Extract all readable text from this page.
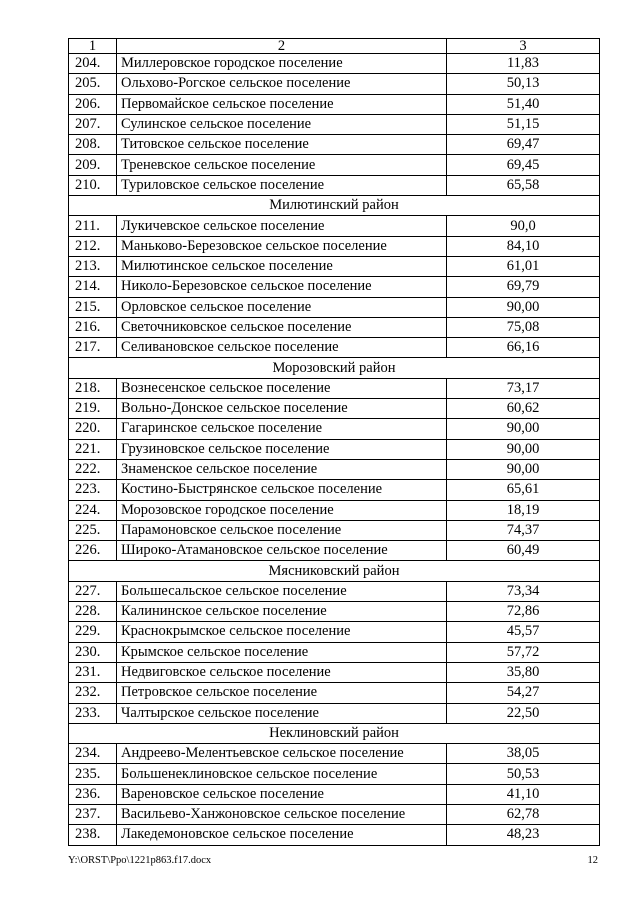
1	2	3
204.	Миллеровское городское поселение	11,83
205.	Ольхово-Рогское сельское поселение	50,13
206.	Первомайское сельское поселение	51,40
207.	Сулинское сельское поселение	51,15
208.	Титовское сельское поселение	69,47
209.	Треневское сельское поселение	69,45
210.	Туриловское сельское поселение	65,58
Милютинский район		
211.	Лукичевское сельское поселение	90,0
212.	Маньково-Березовское сельское поселение	84,10
213.	Милютинское сельское поселение	61,01
214.	Николо-Березовское сельское поселение	69,79
215.	Орловское сельское поселение	90,00
216.	Светочниковское сельское поселение	75,08
217.	Селивановское сельское поселение	66,16
Морозовский район		
218.	Вознесенское сельское поселение	73,17
219.	Вольно-Донское сельское поселение	60,62
220.	Гагаринское сельское поселение	90,00
221.	Грузиновское сельское поселение	90,00
222.	Знаменское сельское поселение	90,00
223.	Костино-Быстрянское сельское поселение	65,61
224.	Морозовское городское поселение	18,19
225.	Парамоновское сельское поселение	74,37
226.	Широко-Атамановское сельское поселение	60,49
Мясниковский район		
227.	Большесальское сельское поселение	73,34
228.	Калининское сельское поселение	72,86
229.	Краснокрымское сельское поселение	45,57
230.	Крымское сельское поселение	57,72
231.	Недвиговское сельское поселение	35,80
232.	Петровское сельское поселение	54,27
233.	Чалтырское сельское поселение	22,50
Неклиновский район		
234.	Андреево-Мелентьевское сельское поселение	38,05
235.	Большенеклиновское сельское поселение	50,53
236.	Вареновское сельское поселение	41,10
237.	Васильево-Ханжоновское сельское поселение	62,78
238.	Лакедемоновское сельское поселение	48,23
Y:\ORST\Ppo\1221p863.f17.docx	12
